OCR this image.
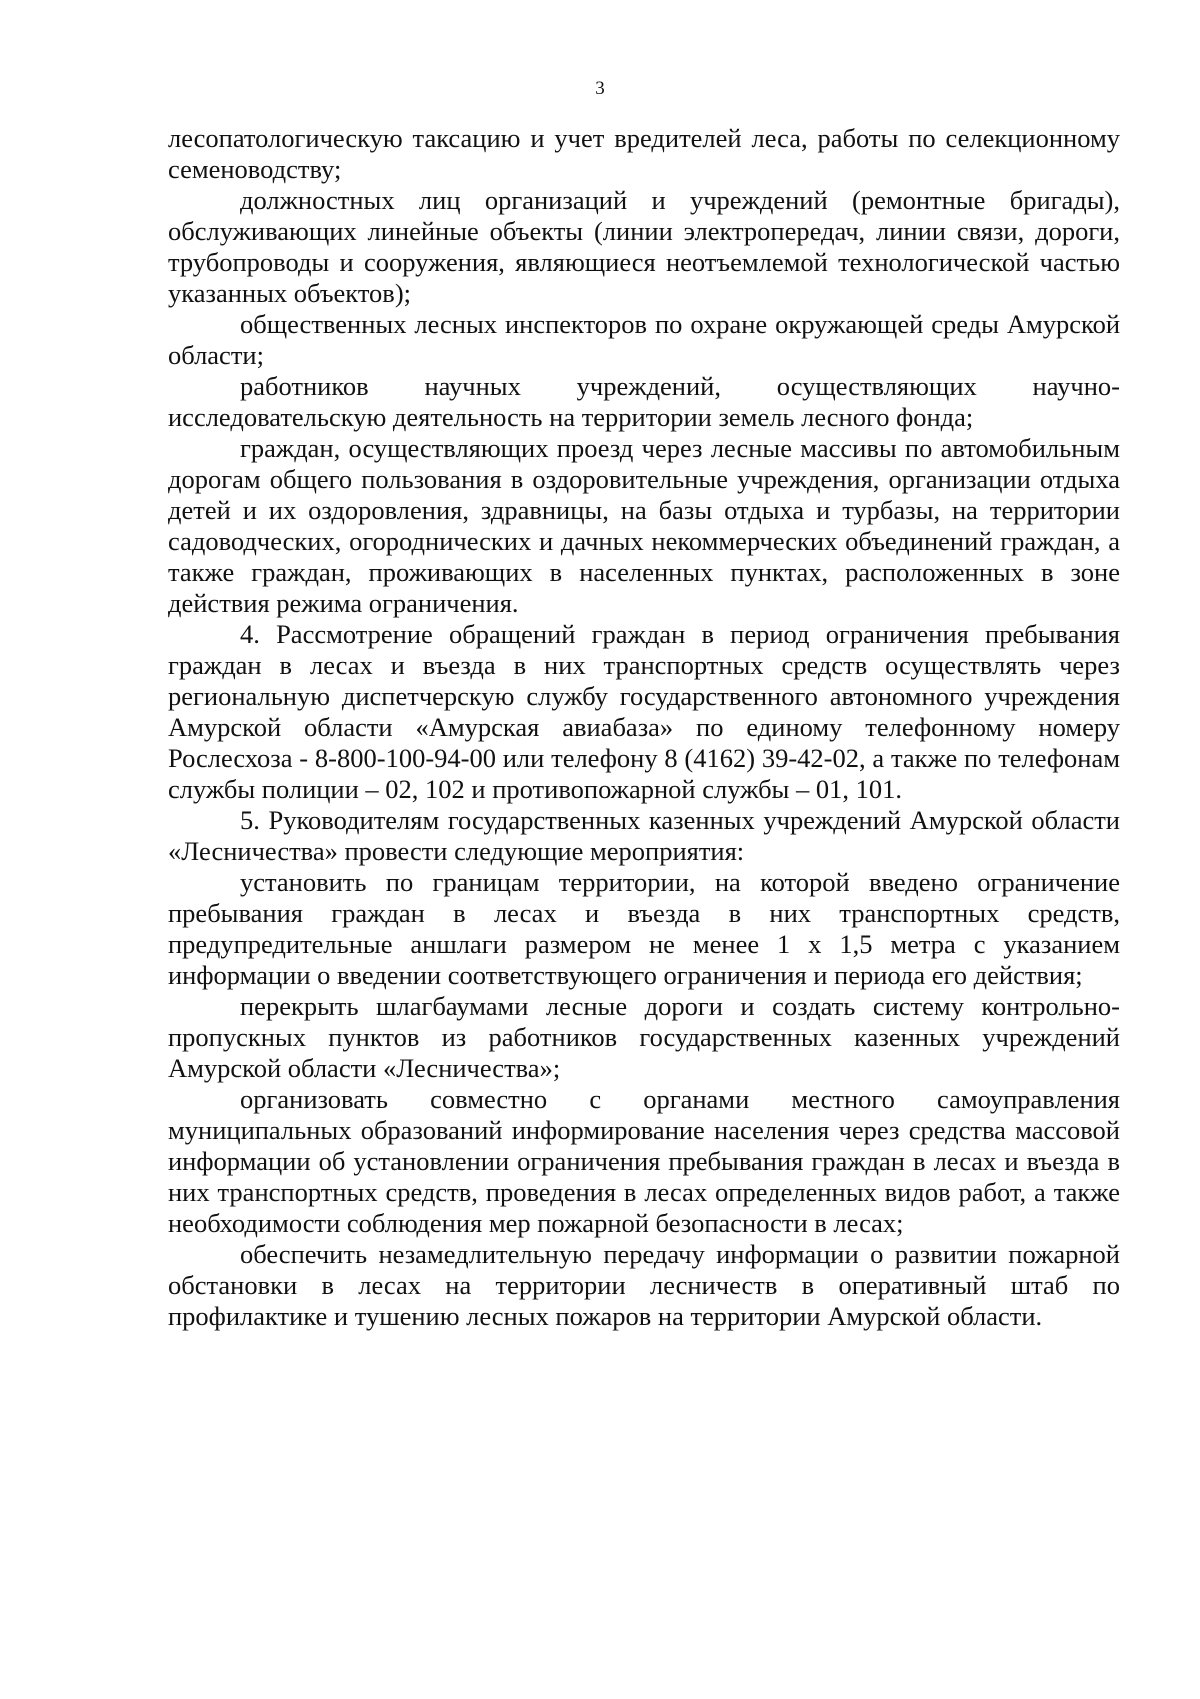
3

лесопатологическую таксацию и учет вредителей леса, работы по селекционному семеноводству;

должностных лиц организаций и учреждений (ремонтные бригады), обслуживающих линейные объекты (линии электропередач, линии связи, дороги, трубопроводы и сооружения, являющиеся неотъемлемой технологической частью указанных объектов);

общественных лесных инспекторов по охране окружающей среды Амурской области;

работников научных учреждений, осуществляющих научно-исследовательскую деятельность на территории земель лесного фонда;

граждан, осуществляющих проезд через лесные массивы по автомобильным дорогам общего пользования в оздоровительные учреждения, организации отдыха детей и их оздоровления, здравницы, на базы отдыха и турбазы, на территории садоводческих, огороднических и дачных некоммерческих объединений граждан, а также граждан, проживающих в населенных пунктах, расположенных в зоне действия режима ограничения.

4. Рассмотрение обращений граждан в период ограничения пребывания граждан в лесах и въезда в них транспортных средств осуществлять через региональную диспетчерскую службу государственного автономного учреждения Амурской области «Амурская авиабаза» по единому телефонному номеру Рослесхоза - 8-800-100-94-00 или телефону 8 (4162) 39-42-02, а также по телефонам службы полиции – 02, 102 и противопожарной службы – 01, 101.

5. Руководителям государственных казенных учреждений Амурской области «Лесничества» провести следующие мероприятия:

установить по границам территории, на которой введено ограничение пребывания граждан в лесах и въезда в них транспортных средств, предупредительные аншлаги размером не менее 1 х 1,5 метра с указанием информации о введении соответствующего ограничения и периода его действия;

перекрыть шлагбаумами лесные дороги и создать систему контрольно-пропускных пунктов из работников государственных казенных учреждений Амурской области «Лесничества»;

организовать совместно с органами местного самоуправления муниципальных образований информирование населения через средства массовой информации об установлении ограничения пребывания граждан в лесах и въезда в них транспортных средств, проведения в лесах определенных видов работ, а также необходимости соблюдения мер пожарной безопасности в лесах;

обеспечить незамедлительную передачу информации о развитии пожарной обстановки в лесах на территории лесничеств в оперативный штаб по профилактике и тушению лесных пожаров на территории Амурской области.
